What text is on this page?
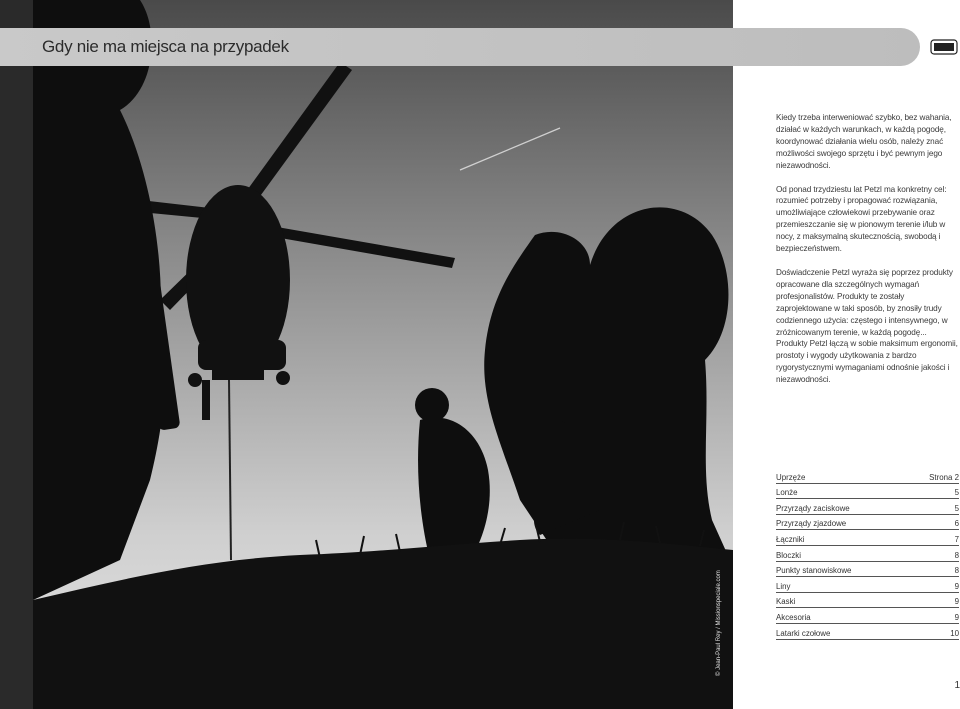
Gdy nie ma miejsca na przypadek

Kiedy trzeba interweniować szybko, bez wahania, działać w każdych warunkach, w każdą pogodę, koordynować działania wielu osób, należy znać możliwości swojego sprzętu i być pewnym jego niezawodności.

Od ponad trzydziestu lat Petzl ma konkretny cel: rozumieć potrzeby i propagować rozwiązania, umożliwiające człowiekowi przebywanie oraz przemieszczanie się w pionowym terenie i/lub w nocy, z maksymalną skutecznością, swobodą i bezpieczeństwem.

Doświadczenie Petzl wyraża się poprzez produkty opracowane dla szczególnych wymagań profesjonalistów. Produkty te zostały zaprojektowane w taki sposób, by znosiły trudy codziennego użycia: częstego i intensywnego, w zróżnicowanym terenie, w każdą pogodę... Produkty Petzl łączą w sobie maksimum ergonomii, prostoty i wygody użytkowania z bardzo rygorystycznymi wymaganiami odnośnie jakości i niezawodności.

Uprzęże	Strona 2
Lonże	5
Przyrządy zaciskowe	5
Przyrządy zjazdowe	6
Łączniki	7
Bloczki	8
Punkty stanowiskowe	8
Liny	9
Kaski	9
Akcesoria	9
Latarki czołowe	10
© Jean-Paul Rey / Missionspeciale.com
1
